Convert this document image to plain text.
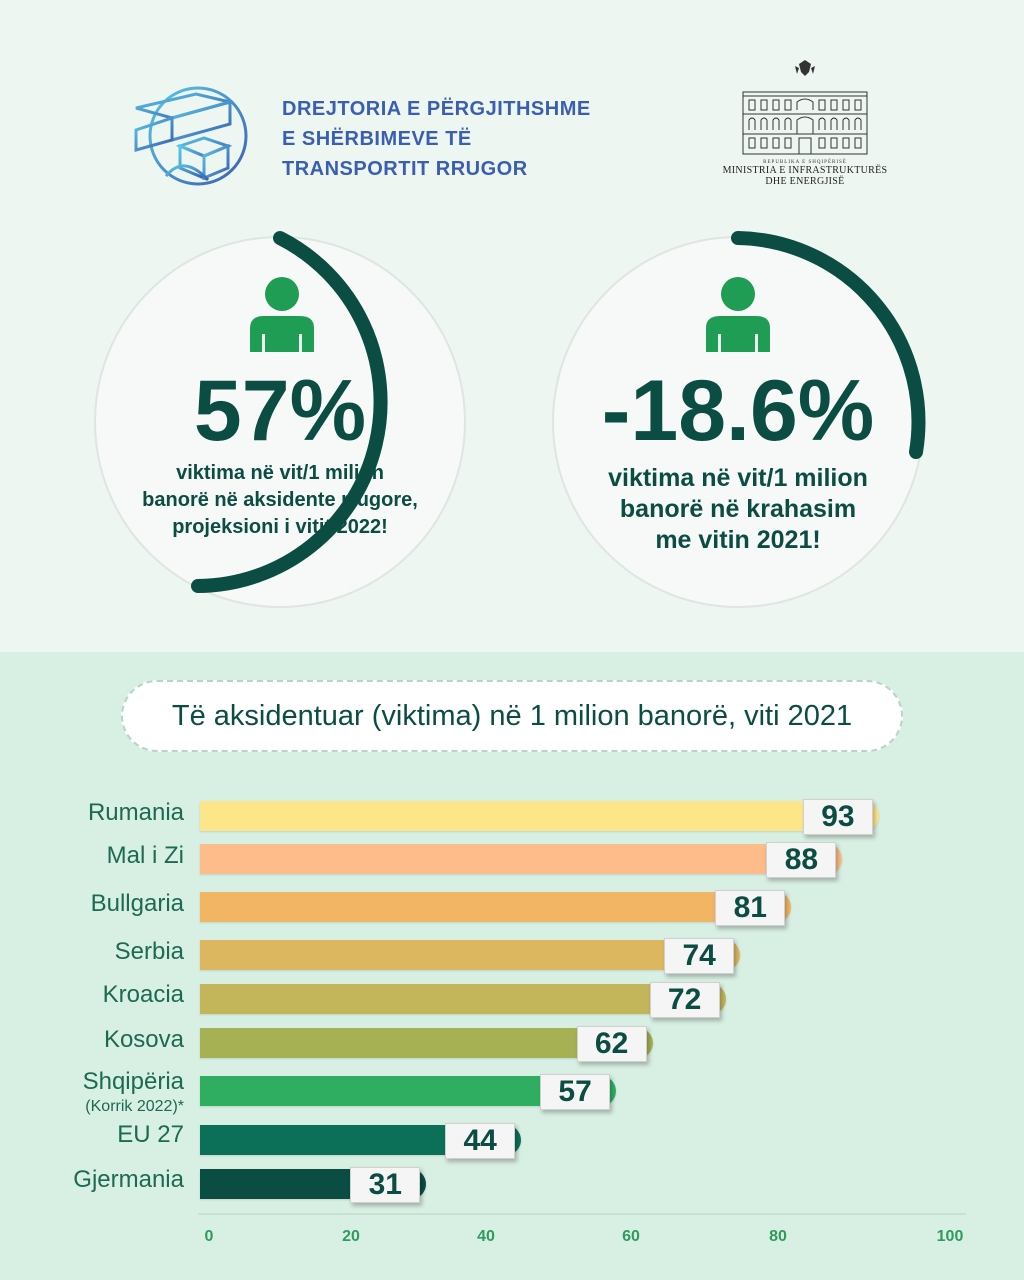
DREJTORIA E PËRGJITHSHME
E SHËRBIMEVE TË
TRANSPORTIT RRUGOR	REPUBLIKA E SHQIPËRISË
MINISTRIA E INFRASTRUKTURËS
DHE ENERGJISË
57%
viktima në vit/1 milion
banorë në aksidente rrugore,
projeksioni i vitit 2022!
-18.6%
viktima në vit/1 milion
banorë në krahasim
me vitin 2021!
Të aksidentuar (viktima) në 1 milion banorë, viti 2021
93
Rumania
88
Mal i Zi
81
Bullgaria
74
Serbia
72
Kroacia
62
Kosova
57
Shqipëria
(Korrik 2022)*
44
EU 27
31
Gjermania
0	20	40	60	80	100
